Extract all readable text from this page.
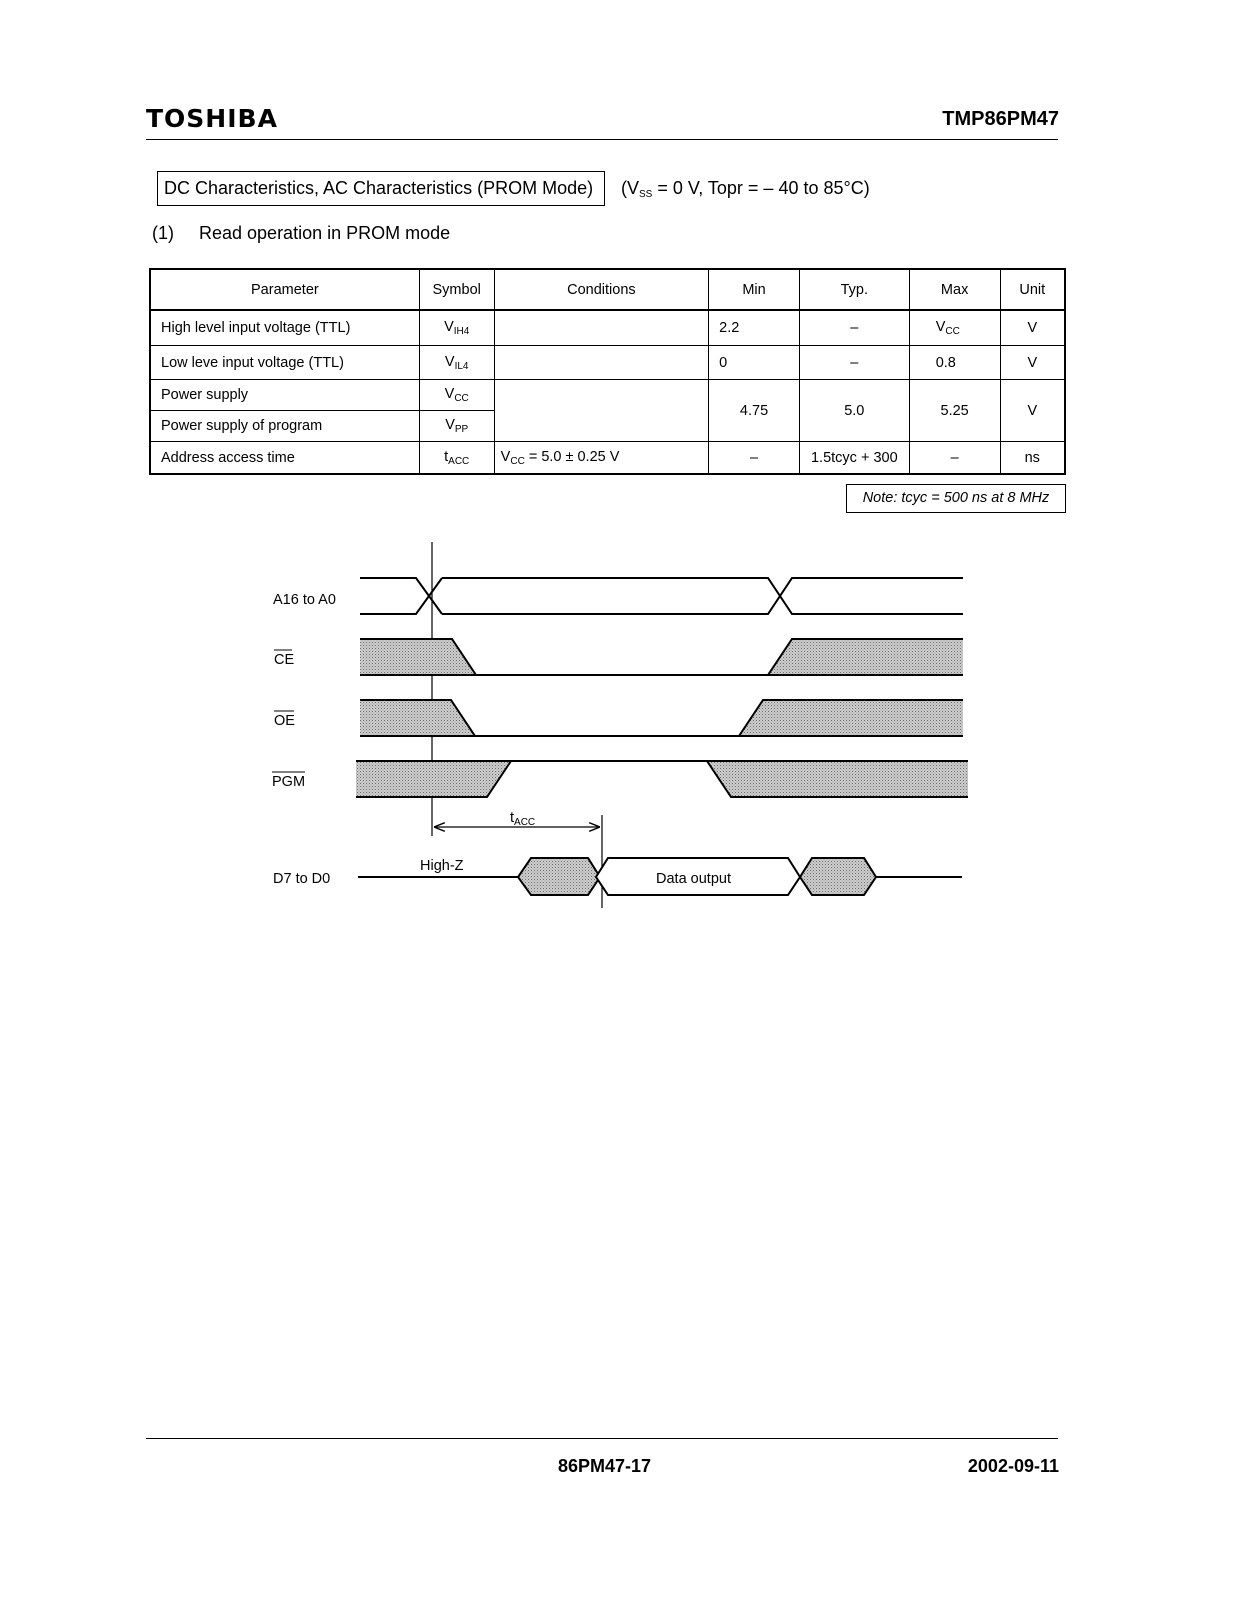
TOSHIBA	TMP86PM47
DC Characteristics, AC Characteristics (PROM Mode)	($V_{SS} = 0$ V, Topr = – 40 to 85°C)
(1) Read operation in PROM mode
Parameter	Symbol	Conditions	Min	Typ.	Max	Unit
High level input voltage (TTL)	$V_{IH4}$		2.2	–	$V_{CC}$	V
Low leve input voltage (TTL)	$V_{IL4}$		0	–	0.8	V
Power supply	$V_{CC}$		4.75	5.0	5.25	V
Power supply of program	$V_{PP}$
Address access time	$t_{ACC}$	$V_{CC} = 5.0 \pm 0.25$ V	–	1.5tcyc + 300	–	ns
Note: tcyc = 500 ns at 8 MHz
A16 to A0
CE
OE
PGM
D7 to D0
$t_{ACC}$
High-Z
Data output
86PM47-17	2002-09-11
